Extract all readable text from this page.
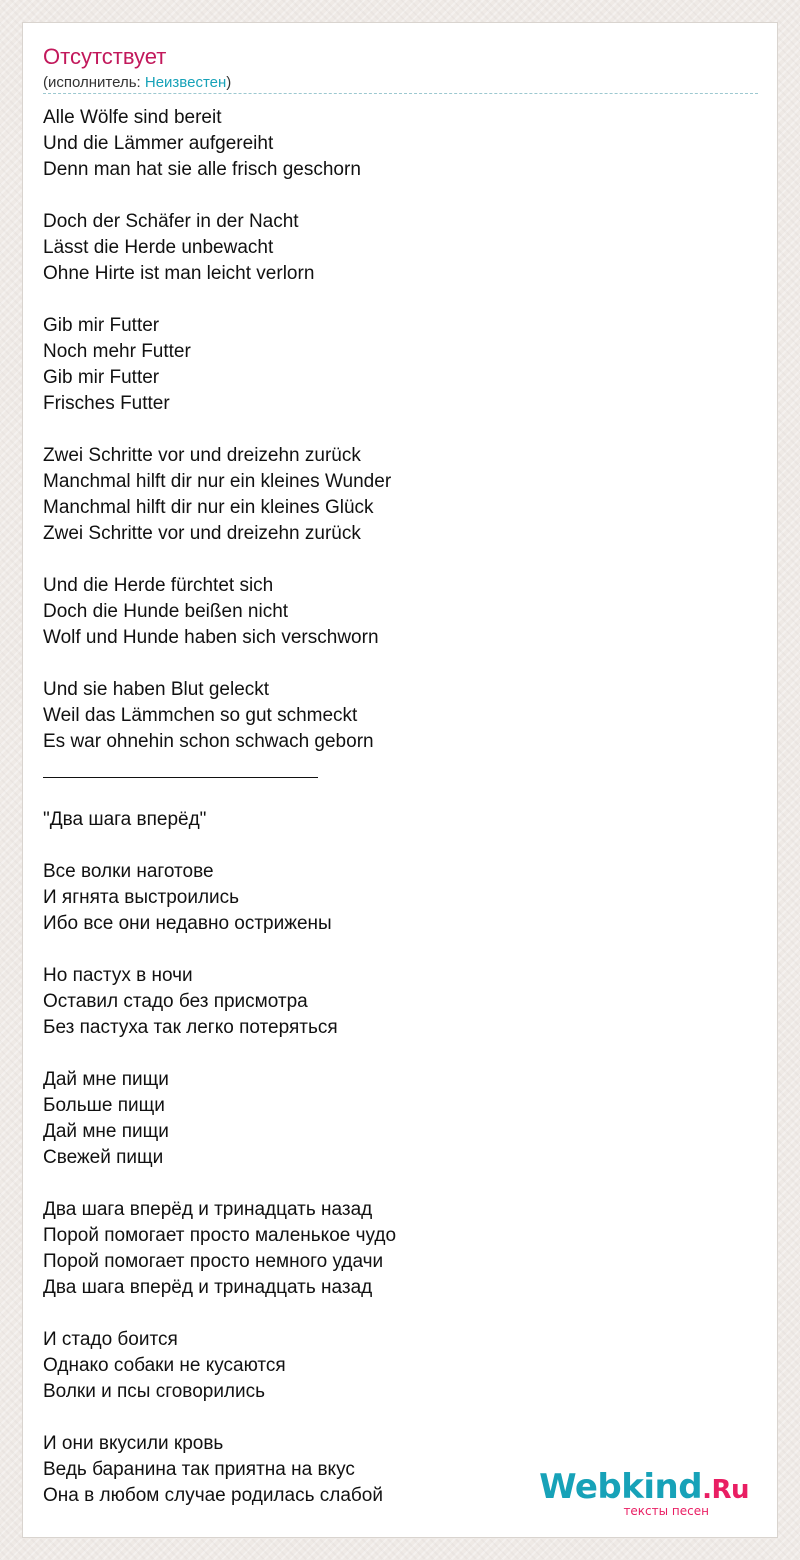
Отсутствует
(исполнитель: Неизвестен)
Alle Wölfe sind bereit
Und die Lämmer aufgereiht
Denn man hat sie alle frisch geschorn
Doch der Schäfer in der Nacht
Lässt die Herde unbewacht
Ohne Hirte ist man leicht verlorn
Gib mir Futter
Noch mehr Futter
Gib mir Futter
Frisches Futter
Zwei Schritte vor und dreizehn zurück
Manchmal hilft dir nur ein kleines Wunder
Manchmal hilft dir nur ein kleines Glück
Zwei Schritte vor und dreizehn zurück
Und die Herde fürchtet sich
Doch die Hunde beißen nicht
Wolf und Hunde haben sich verschworn
Und sie haben Blut geleckt
Weil das Lämmchen so gut schmeckt
Es war ohnehin schon schwach geborn
"Два шага вперёд"
Все волки наготове
И ягнята выстроились
Ибо все они недавно острижены
Но пастух в ночи
Оставил стадо без присмотра
Без пастуха так легко потеряться
Дай мне пищи
Больше пищи
Дай мне пищи
Свежей пищи
Два шага вперёд и тринадцать назад
Порой помогает просто маленькое чудо
Порой помогает просто немного удачи
Два шага вперёд и тринадцать назад
И стадо боится
Однако собаки не кусаются
Волки и псы сговорились
И они вкусили кровь
Ведь баранина так приятна на вкус
Она в любом случае родилась слабой	Webkind.Ru
тексты песен
